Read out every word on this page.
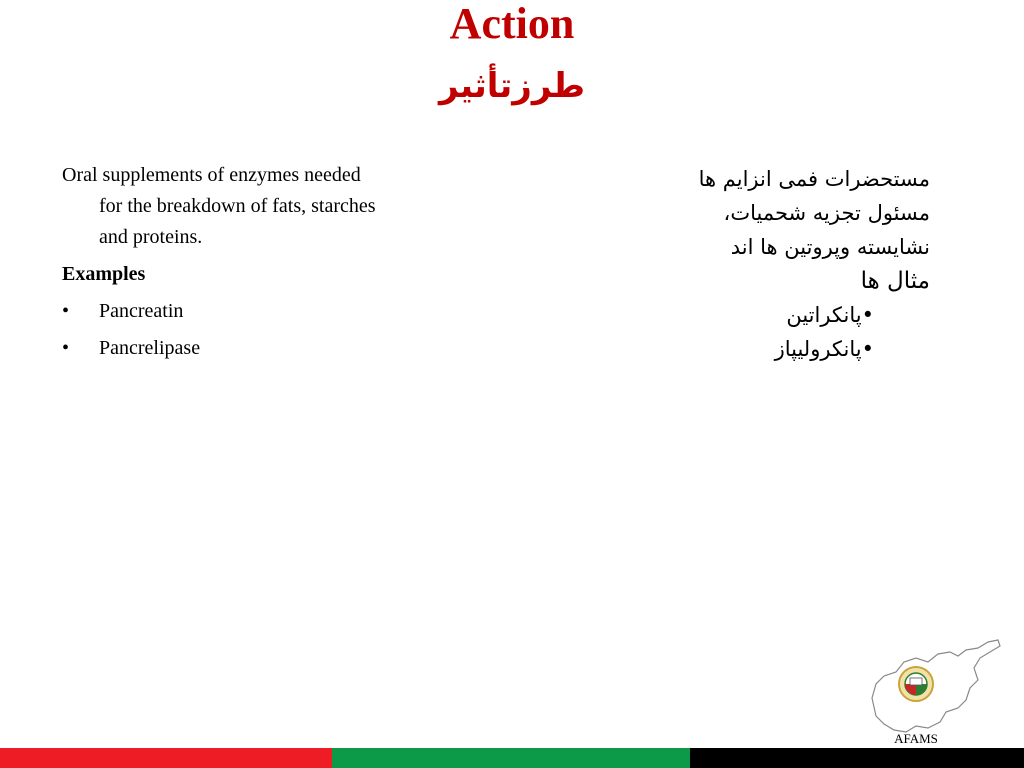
Action
طرزتأثیر
Oral supplements of enzymes needed for the breakdown of fats, starches and proteins.
Examples
•	Pancreatin
•	Pancrelipase
مستحضرات فمی انزایم ها
مسئول تجزیه شحمیات،
نشایسته وپروتین ها اند
مثال ها
•پانکراتین
•پانکرولیپاز
AFAMS
